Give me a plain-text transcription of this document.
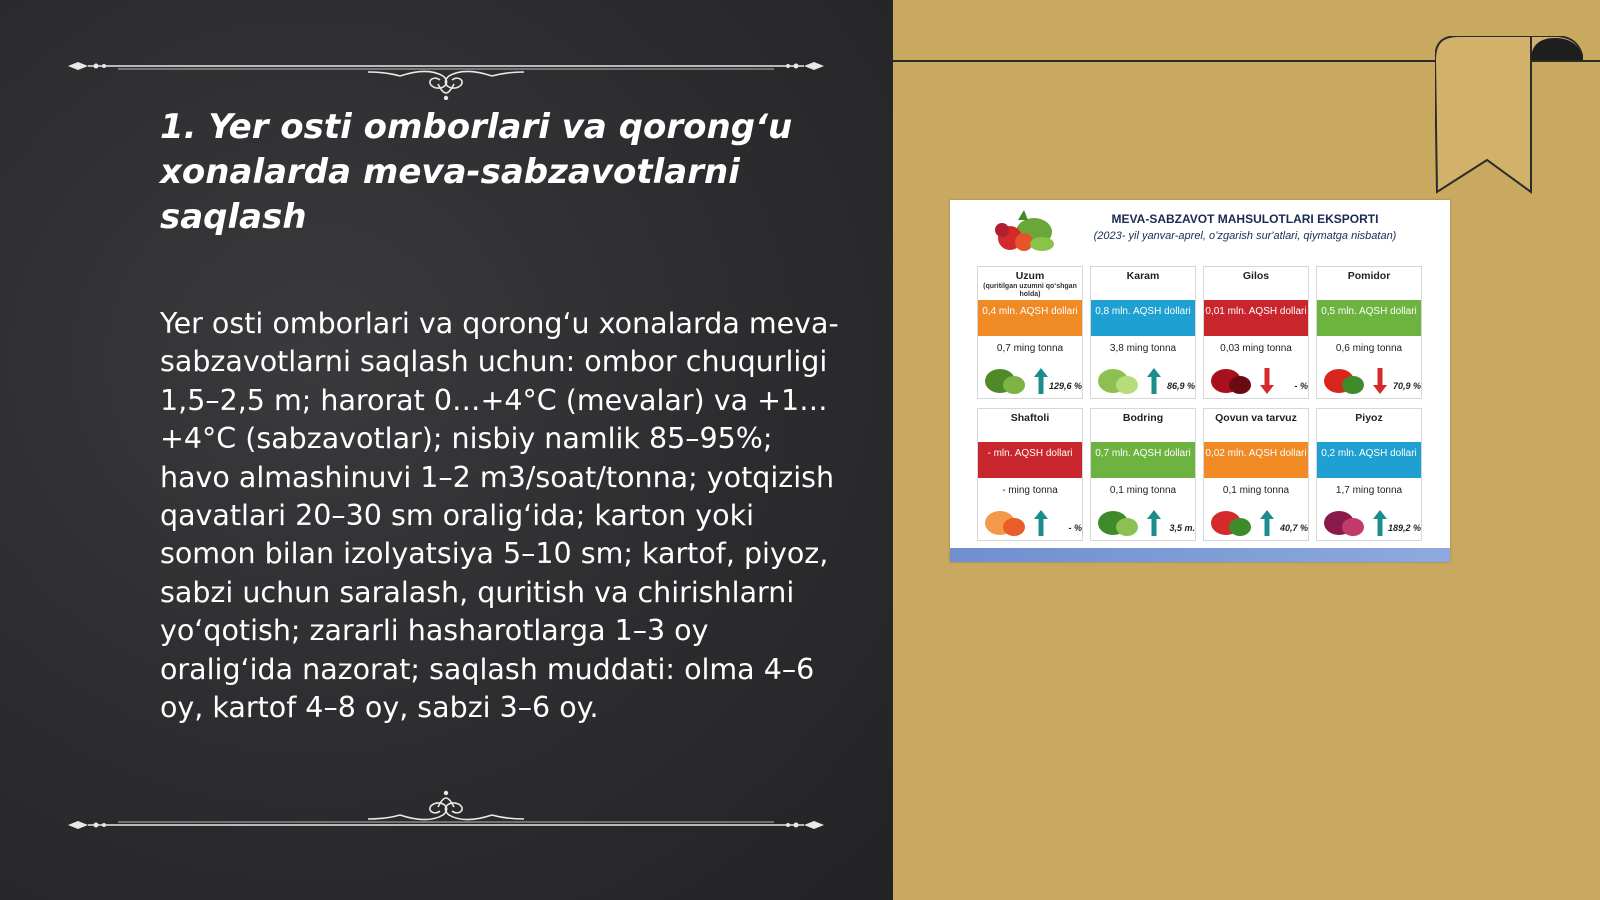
1. Yer osti omborlari va qorongʻu xonalarda meva-sabzavotlarni saqlash

Yer osti omborlari va qorongʻu xonalarda meva-sabzavotlarni saqlash uchun: ombor chuqurligi 1,5–2,5 m; harorat 0…+4°C (mevalar) va +1…+4°C (sabzavotlar); nisbiy namlik 85–95%; havo almashinuvi 1–2 m3/soat/tonna; yotqizish qavatlari 20–30 sm oraligʻida; karton yoki somon bilan izolyatsiya 5–10 sm; kartof, piyoz, sabzi uchun saralash, quritish va chirishlarni yoʻqotish; zararli hasharotlarga 1–3 oy oraligʻida nazorat; saqlash muddati: olma 4–6 oy, kartof 4–8 oy, sabzi 3–6 oy.

MEVA-SABZAVOT MAHSULOTLARI EKSPORTI
(2023- yil yanvar-aprel, oʻzgarish sur'atlari, qiymatga nisbatan)
Uzum
(quritilgan uzumni qoʻshgan holda)
0,4 mln. AQSH dollari
0,7 ming tonna
129,6 %
Karam
0,8 mln. AQSH dollari
3,8 ming tonna
86,9 %
Gilos
0,01 mln. AQSH dollari
0,03 ming tonna
- %
Pomidor
0,5 mln. AQSH dollari
0,6 ming tonna
70,9 %
Shaftoli
- mln. AQSH dollari
- ming tonna
- %
Bodring
0,7 mln. AQSH dollari
0,1 ming tonna
3,5 m.
Qovun va tarvuz
0,02 mln. AQSH dollari
0,1 ming tonna
40,7 %
Piyoz
0,2 mln. AQSH dollari
1,7 ming tonna
189,2 %
